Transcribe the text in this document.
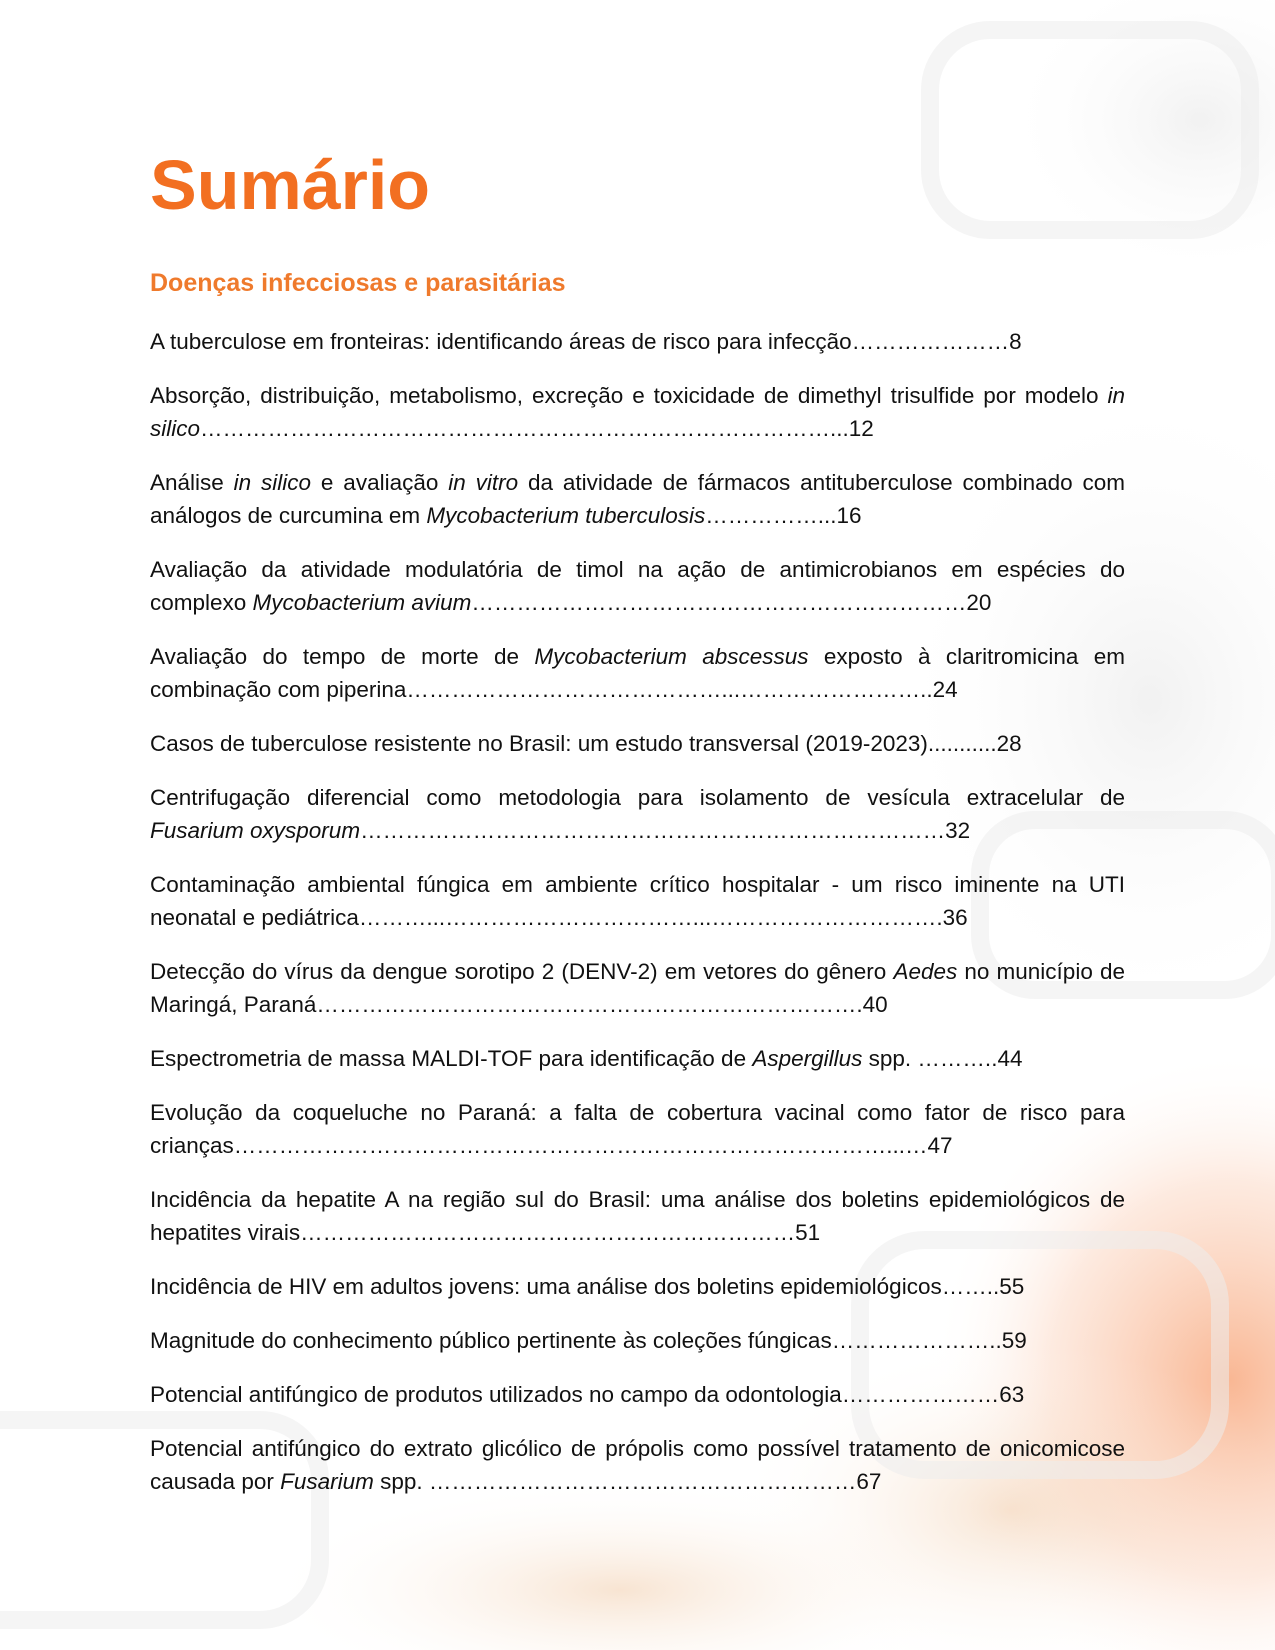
Sumário
Doenças infecciosas e parasitárias
A tuberculose em fronteiras: identificando áreas de risco para infecção…………………8
Absorção, distribuição, metabolismo, excreção e toxicidade de dimethyl trisulfide por modelo in silico…………………………………………………………………………...12
Análise in silico e avaliação in vitro da atividade de fármacos antituberculose combinado com análogos de curcumina em Mycobacterium tuberculosis……………...16
Avaliação da atividade modulatória de timol na ação de antimicrobianos em espécies do complexo Mycobacterium avium…………………………………………………………20
Avaliação do tempo de morte de Mycobacterium abscessus exposto à claritromicina em combinação com piperina……………………………………...……………………..24
Casos de tuberculose resistente no Brasil: um estudo transversal (2019-2023)...........28
Centrifugação diferencial como metodologia para isolamento de vesícula extracelular de Fusarium oxysporum……………………………………………………………………32
Contaminação ambiental fúngica em ambiente crítico hospitalar - um risco iminente na UTI neonatal e pediátrica………...……………………………...………………………….36
Detecção do vírus da dengue sorotipo 2 (DENV-2) em vetores do gênero Aedes no município de Maringá, Paraná……………………………………………………………….40
Espectrometria de massa MALDI-TOF para identificação de Aspergillus spp. ………..44
Evolução da coqueluche no Paraná: a falta de cobertura vacinal como fator de risco para crianças……………………………………………………………………………...…47
Incidência da hepatite A na região sul do Brasil: uma análise dos boletins epidemiológicos de hepatites virais…………………………………………………………51
Incidência de HIV em adultos jovens: uma análise dos boletins epidemiológicos……..55
Magnitude do conhecimento público pertinente às coleções fúngicas…………………..59
Potencial antifúngico de produtos utilizados no campo da odontologia…………………63
Potencial antifúngico do extrato glicólico de própolis como possível tratamento de onicomicose causada por Fusarium spp. …………………………………………………67
